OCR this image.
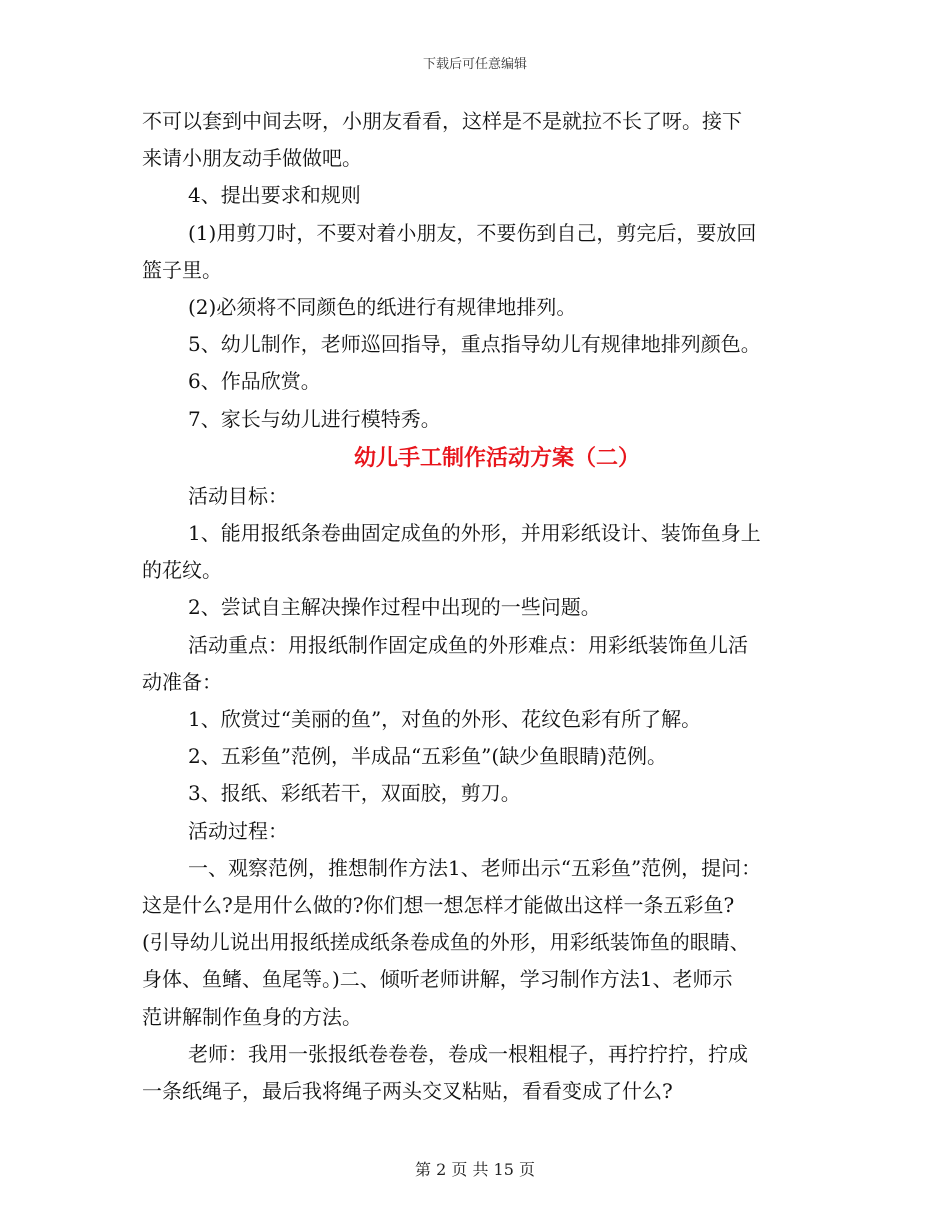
下载后可任意编辑

不可以套到中间去呀，小朋友看看，这样是不是就拉不长了呀。接下

来请小朋友动手做做吧。

4、提出要求和规则

(1)用剪刀时，不要对着小朋友，不要伤到自己，剪完后，要放回

篮子里。

(2)必须将不同颜色的纸进行有规律地排列。

5、幼儿制作，老师巡回指导，重点指导幼儿有规律地排列颜色。

6、作品欣赏。

7、家长与幼儿进行模特秀。

幼儿手工制作活动方案（二）

活动目标：

1、能用报纸条卷曲固定成鱼的外形，并用彩纸设计、装饰鱼身上

的花纹。

2、尝试自主解决操作过程中出现的一些问题。

活动重点：用报纸制作固定成鱼的外形难点：用彩纸装饰鱼儿活

动准备：

1、欣赏过“美丽的鱼”，对鱼的外形、花纹色彩有所了解。

2、五彩鱼”范例，半成品“五彩鱼”(缺少鱼眼睛)范例。

3、报纸、彩纸若干，双面胶，剪刀。

活动过程：

一、观察范例，推想制作方法1、老师出示“五彩鱼”范例，提问：

这是什么?是用什么做的?你们想一想怎样才能做出这样一条五彩鱼?

(引导幼儿说出用报纸搓成纸条卷成鱼的外形，用彩纸装饰鱼的眼睛、

身体、鱼鳍、鱼尾等。)二、倾听老师讲解，学习制作方法1、老师示

范讲解制作鱼身的方法。

老师：我用一张报纸卷卷卷，卷成一根粗棍子，再拧拧拧，拧成

一条纸绳子，最后我将绳子两头交叉粘贴，看看变成了什么?

第 2 页 共 15 页
